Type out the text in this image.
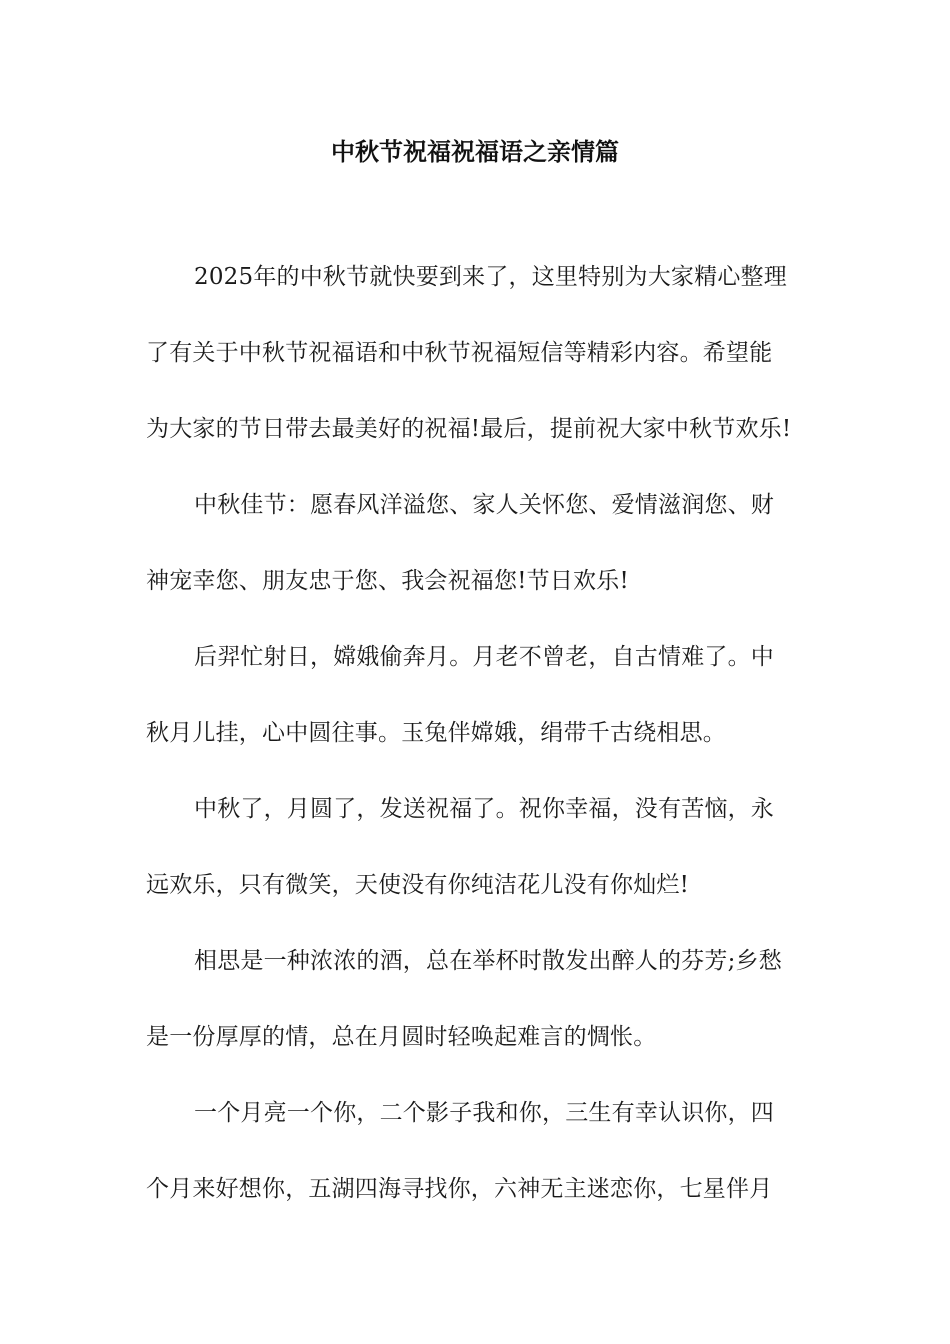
中秋节祝福祝福语之亲情篇
2025年的中秋节就快要到来了，这里特别为大家精心整理
了有关于中秋节祝福语和中秋节祝福短信等精彩内容。希望能
为大家的节日带去最美好的祝福!最后，提前祝大家中秋节欢乐!
中秋佳节：愿春风洋溢您、家人关怀您、爱情滋润您、财
神宠幸您、朋友忠于您、我会祝福您!节日欢乐!
后羿忙射日，嫦娥偷奔月。月老不曾老，自古情难了。中
秋月儿挂，心中圆往事。玉兔伴嫦娥，绢带千古绕相思。
中秋了，月圆了，发送祝福了。祝你幸福，没有苦恼，永
远欢乐，只有微笑，天使没有你纯洁花儿没有你灿烂!
相思是一种浓浓的酒，总在举杯时散发出醉人的芬芳;乡愁
是一份厚厚的情，总在月圆时轻唤起难言的惆怅。
一个月亮一个你，二个影子我和你，三生有幸认识你，四
个月来好想你，五湖四海寻找你，六神无主迷恋你，七星伴月
